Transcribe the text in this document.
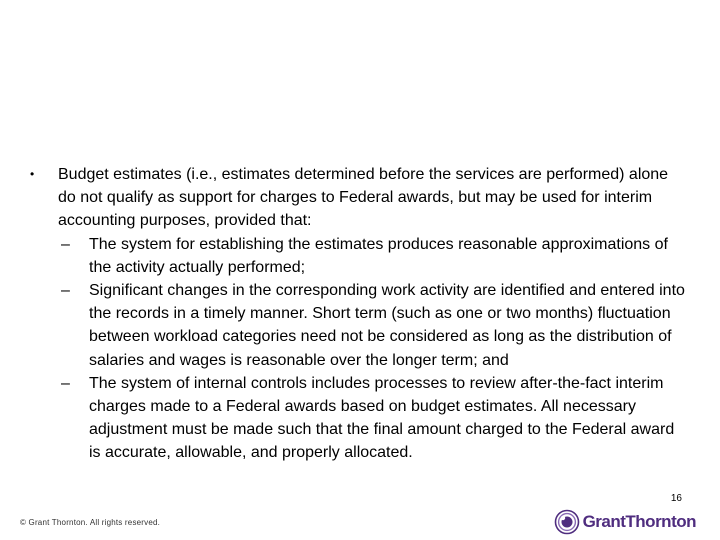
•	Budget estimates (i.e., estimates determined before the services are performed) alone do not qualify as support for charges to Federal awards, but may be used for interim accounting purposes, provided that:
– The system for establishing the estimates produces reasonable approximations of the activity actually performed;
– Significant changes in the corresponding work activity are identified and entered into the records in a timely manner. Short term (such as one or two months) fluctuation between workload categories need not be considered as long as the distribution of salaries and wages is reasonable over the longer term; and
– The system of internal controls includes processes to review after-the-fact interim charges made to a Federal awards based on budget estimates. All necessary adjustment must be made such that the final amount charged to the Federal award is accurate, allowable, and properly allocated.
16
© Grant Thornton. All rights reserved.	GrantThornton
